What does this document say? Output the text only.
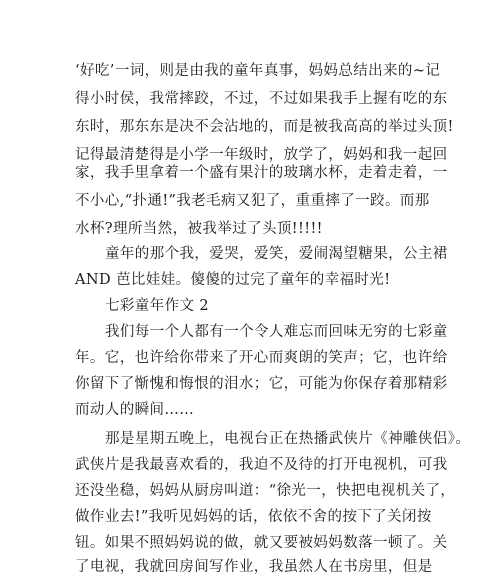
‘好吃’一词，则是由我的童年真事，妈妈总结出来的~记
得小时侯，我常摔跤，不过，不过如果我手上握有吃的东
东时，那东东是决不会沾地的，而是被我高高的举过头顶!
记得最清楚得是小学一年级时，放学了，妈妈和我一起回
家，我手里拿着一个盛有果汁的玻璃水杯，走着走着，一
不小心,“扑通!”我老毛病又犯了，重重摔了一跤。而那
水杯?理所当然，被我举过了头顶!!!!!
童年的那个我，爱哭，爱笑，爱闹渴望糖果，公主裙
AND 芭比娃娃。傻傻的过完了童年的幸福时光!
七彩童年作文 2
我们每一个人都有一个令人难忘而回味无穷的七彩童
年。它，也许给你带来了开心而爽朗的笑声；它，也许给
你留下了惭愧和悔恨的泪水；它，可能为你保存着那精彩
而动人的瞬间……
那是星期五晚上，电视台正在热播武侠片《神雕侠侣》。
武侠片是我最喜欢看的，我迫不及待的打开电视机，可我
还没坐稳，妈妈从厨房叫道：“徐光一，快把电视机关了，
做作业去!”我听见妈妈的话，依依不舍的按下了关闭按
钮。如果不照妈妈说的做，就又要被妈妈数落一顿了。关
了电视，我就回房间写作业，我虽然人在书房里，但是
